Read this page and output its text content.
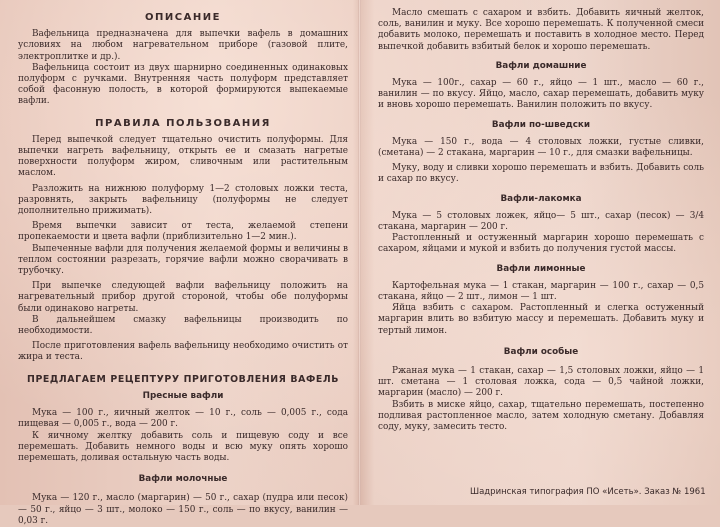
ОПИСАНИЕ

Вафельница предназначена для выпечки вафель в домашних условиях на любом нагревательном приборе (газовой плите, электроплитке и др.).

Вафельница состоит из двух шарнирно соединенных одинаковых полуформ с ручками. Внутренняя часть полуформ представляет собой фасонную полость, в которой формируются выпекаемые вафли.

ПРАВИЛА ПОЛЬЗОВАНИЯ

Перед выпечкой следует тщательно очистить полуформы. Для выпечки нагреть вафельницу, открыть ее и смазать нагретые поверхности полуформ жиром, сливочным или растительным маслом.

Разложить на нижнюю полуформу 1—2 столовых ложки теста, разровнять, закрыть вафельницу (полуформы не следует дополнительно прижимать).

Время выпечки зависит от теста, желаемой степени пропекаемости и цвета вафли (приблизительно 1—2 мин.).

Выпеченные вафли для получения желаемой формы и величины в теплом состоянии разрезать, горячие вафли можно сворачивать в трубочку.

При выпечке следующей вафли вафельницу положить на нагревательный прибор другой стороной, чтобы обе полуформы были одинаково нагреты.

В дальнейшем смазку вафельницы производить по необходимости.

После приготовления вафель вафельницу необходимо очистить от жира и теста.

ПРЕДЛАГАЕМ РЕЦЕПТУРУ ПРИГОТОВЛЕНИЯ ВАФЕЛЬ
Пресные вафли

Мука — 100 г., яичный желток — 10 г., соль — 0,005 г., сода пищевая — 0,005 г., вода — 200 г.

К яичному желтку добавить соль и пищевую соду и все перемешать. Добавить немного воды и всю муку опять хорошо перемешать, доливая остальную часть воды.

Вафли молочные

Мука — 120 г., масло (маргарин) — 50 г., сахар (пудра или песок) — 50 г., яйцо — 3 шт., молоко — 150 г., соль — по вкусу, ванилин — 0,03 г.

Масло смешать с сахаром и взбить. Добавить яичный желток, соль, ванилин и муку. Все хорошо перемешать. К полученной смеси добавить молоко, перемешать и поставить в холодное место. Перед выпечкой добавить взбитый белок и хорошо перемешать.

Вафли домашние

Мука — 100г., сахар — 60 г., яйцо — 1 шт., масло — 60 г., ванилин — по вкусу. Яйцо, масло, сахар перемешать, добавить муку и вновь хорошо перемешать. Ванилин положить по вкусу.

Вафли по-шведски

Мука — 150 г., вода — 4 столовых ложки, густые сливки, (сметана) — 2 стакана, маргарин — 10 г., для смазки вафельницы.

Муку, воду и сливки хорошо перемешать и взбить. Добавить соль и сахар по вкусу.

Вафли-лакомка

Мука — 5 столовых ложек, яйцо— 5 шт., сахар (песок) — 3/4 стакана, маргарин — 200 г.

Растопленный и остуженный маргарин хорошо перемешать с сахаром, яйцами и мукой и взбить до получения густой массы.

Вафли лимонные

Картофельная мука — 1 стакан, маргарин — 100 г., сахар — 0,5 стакана, яйцо — 2 шт., лимон — 1 шт.

Яйца взбить с сахаром. Растопленный и слегка остуженный маргарин влить во взбитую массу и перемешать. Добавить муку и тертый лимон.

Вафли особые

Ржаная мука — 1 стакан, сахар — 1,5 столовых ложки, яйцо — 1 шт. сметана — 1 столовая ложка, сода — 0,5 чайной ложки, маргарин (масло) — 200 г.

Взбить в миске яйцо, сахар, тщательно перемешать, постепенно подливая растопленное масло, затем холодную сметану. Добавляя соду, муку, замесить тесто.

Шадринская типография ПО «Исеть». Заказ № 1961
